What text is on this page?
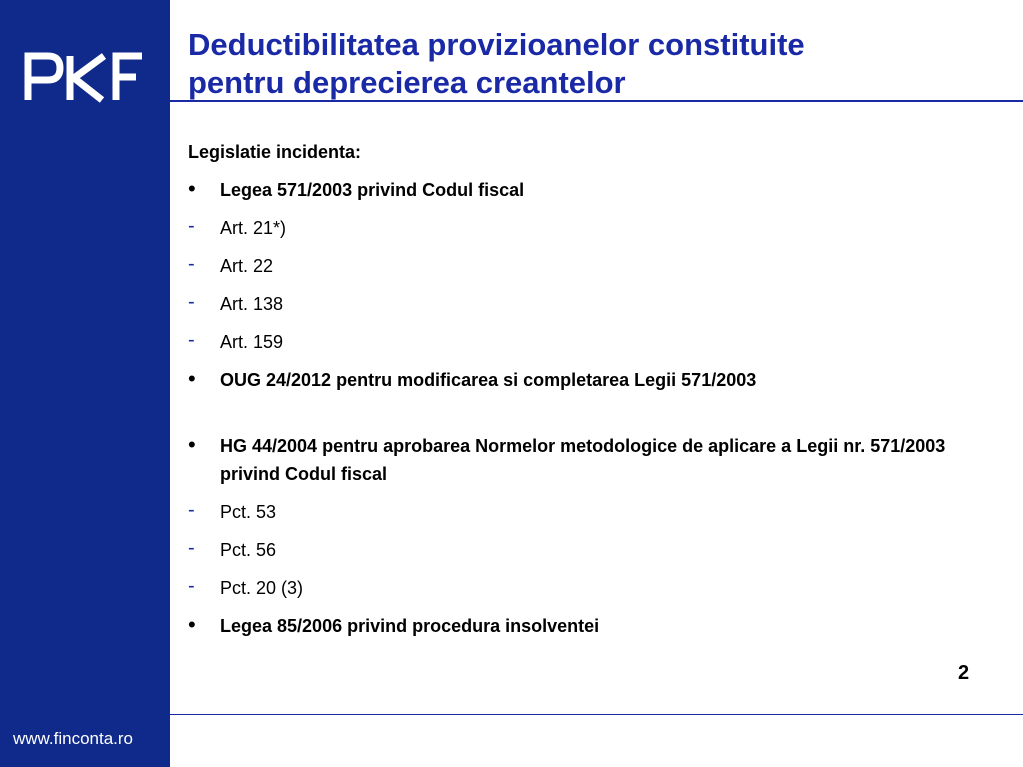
www.finconta.ro
Deductibilitatea provizioanelor constituite
pentru deprecierea creantelor
Legislatie incidenta:
•	Legea 571/2003 privind Codul fiscal
-	Art. 21*)
-	Art. 22
-	Art. 138
-	Art. 159
•	OUG 24/2012 pentru modificarea si completarea Legii 571/2003
•	HG 44/2004 pentru aprobarea Normelor metodologice de aplicare a Legii nr. 571/2003 privind Codul fiscal
-	Pct. 53
-	Pct. 56
-	Pct. 20 (3)
•	Legea 85/2006 privind procedura insolventei
2
